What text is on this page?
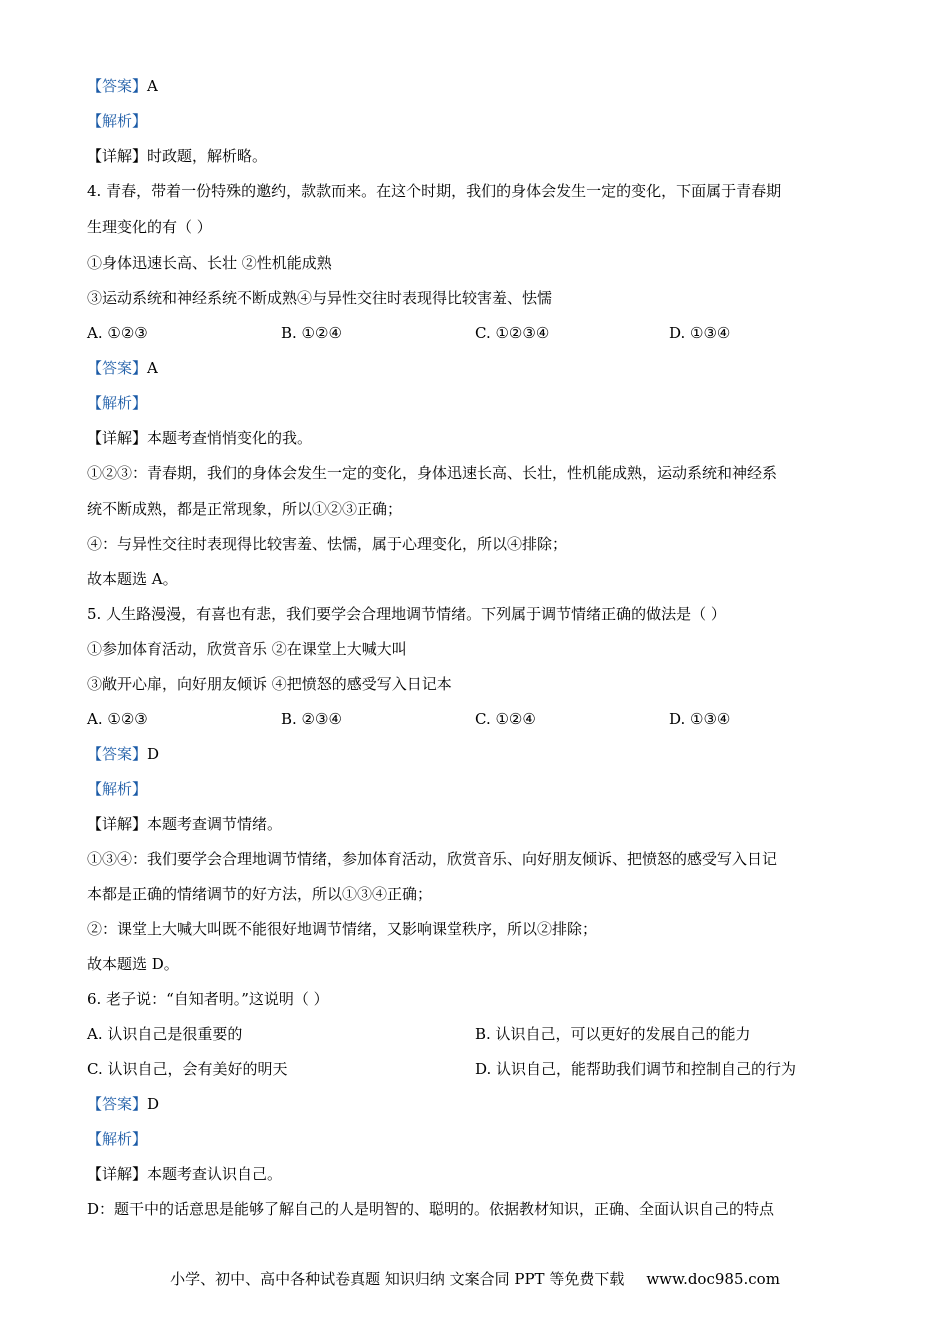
【答案】A
【解析】
【详解】时政题，解析略。
4. 青春，带着一份特殊的邀约，款款而来。在这个时期，我们的身体会发生一定的变化，下面属于青春期
生理变化的有（ ）
①身体迅速长高、长壮 ②性机能成熟
③运动系统和神经系统不断成熟④与异性交往时表现得比较害羞、怯懦
A. ①②③	B. ①②④	C. ①②③④	D. ①③④
【答案】A
【解析】
【详解】本题考查悄悄变化的我。
①②③：青春期，我们的身体会发生一定的变化，身体迅速长高、长壮，性机能成熟，运动系统和神经系
统不断成熟，都是正常现象，所以①②③正确；
④：与异性交往时表现得比较害羞、怯懦，属于心理变化，所以④排除；
故本题选 A。
5. 人生路漫漫，有喜也有悲，我们要学会合理地调节情绪。下列属于调节情绪正确的做法是（ ）
①参加体育活动，欣赏音乐 ②在课堂上大喊大叫
③敞开心扉，向好朋友倾诉 ④把愤怒的感受写入日记本
A. ①②③	B. ②③④	C. ①②④	D. ①③④
【答案】D
【解析】
【详解】本题考查调节情绪。
①③④：我们要学会合理地调节情绪，参加体育活动，欣赏音乐、向好朋友倾诉、把愤怒的感受写入日记
本都是正确的情绪调节的好方法，所以①③④正确；
②：课堂上大喊大叫既不能很好地调节情绪，又影响课堂秩序，所以②排除；
故本题选 D。
6. 老子说：“自知者明。”这说明（ ）
A. 认识自己是很重要的	B. 认识自己，可以更好的发展自己的能力
C. 认识自己，会有美好的明天	D. 认识自己，能帮助我们调节和控制自己的行为
【答案】D
【解析】
【详解】本题考查认识自己。
D：题干中的话意思是能够了解自己的人是明智的、聪明的。依据教材知识，正确、全面认识自己的特点
小学、初中、高中各种试卷真题 知识归纳 文案合同 PPT 等免费下载 www.doc985.com
